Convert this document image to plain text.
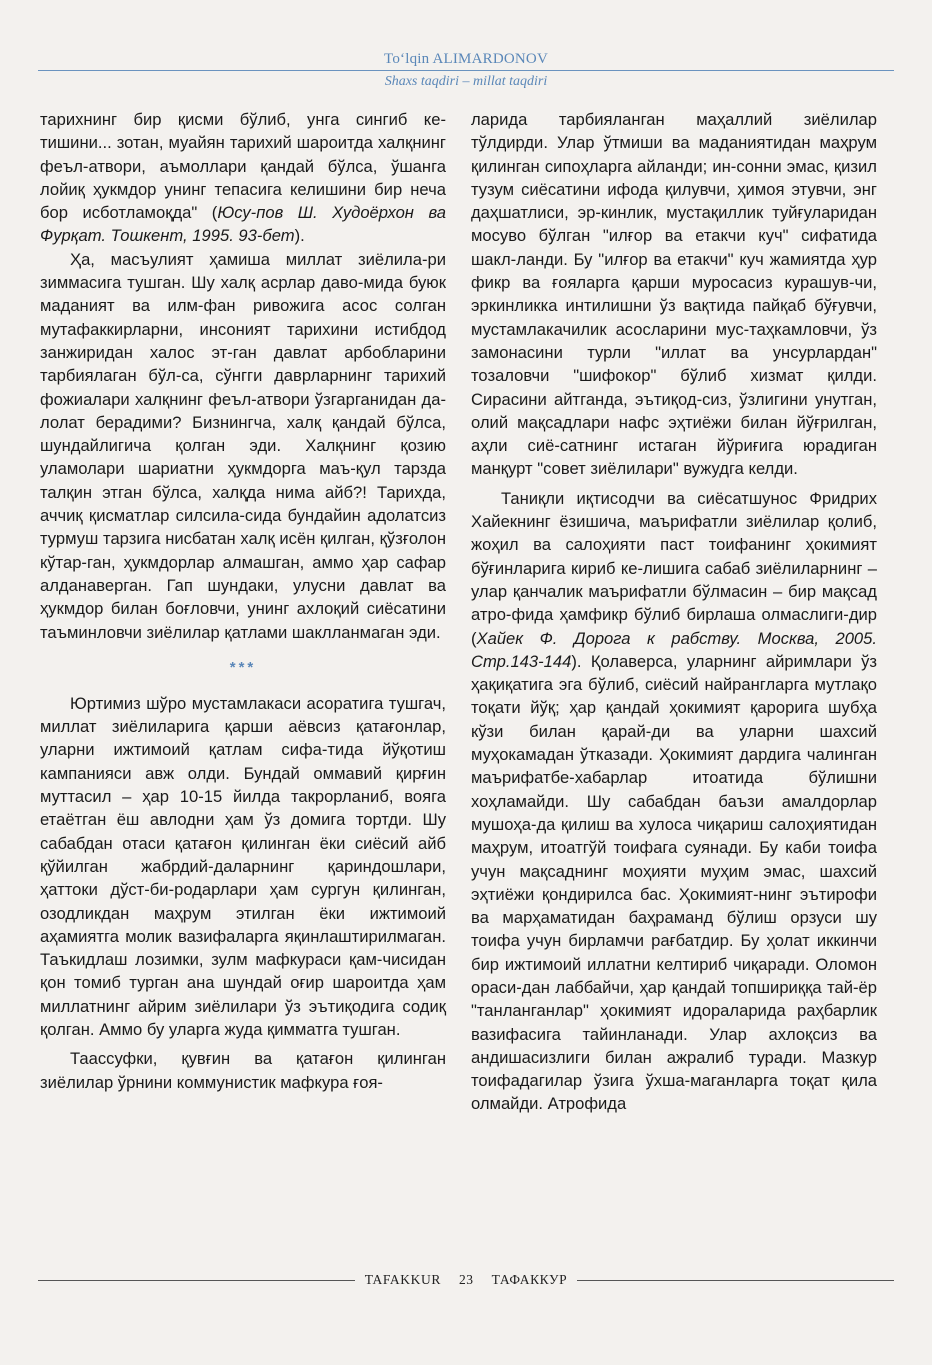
To‘lqin ALIMARDONOV
Shaxs taqdiri – millat taqdiri

тарихнинг бир қисми бўлиб, унга сингиб ке-тишини... зотан, муайян тарихий шароитда халқнинг феъл-атвори, аъмоллари қандай бўлса, ўшанга лойиқ ҳукмдор унинг тепасига келишини бир неча бор исботламоқда" (Юсу-пов Ш. Худоёрхон ва Фурқат. Тошкент, 1995. 93-бет).

Ҳа, масъулият ҳамиша миллат зиёлила-ри зиммасига тушган. Шу халқ асрлар даво-мида буюк маданият ва илм-фан ривожига асос солган мутафаккирларни, инсоният тарихини истибдод занжиридан халос эт-ган давлат арбобларини тарбиялаган бўл-са, сўнгги даврларнинг тарихий фожиалари халқнинг феъл-атвори ўзгарганидан да-лолат берадими? Бизнингча, халқ қандай бўлса, шундайлигича қолган эди. Халқнинг қозию уламолари шариатни ҳукмдорга маъ-қул тарзда талқин этган бўлса, халқда нима айб?! Тарихда, аччиқ қисматлар силсила-сида бундайин адолатсиз турмуш тарзига нисбатан халқ исён қилган, қўзғолон кўтар-ган, ҳукмдорлар алмашган, аммо ҳар сафар алданаверган. Гап шундаки, улусни давлат ва ҳукмдор билан боғловчи, унинг ахлоқий сиёсатини таъминловчи зиёлилар қатлами шаклланмаган эди.

***

Юртимиз шўро мустамлакаси асоратига тушгач, миллат зиёлиларига қарши аёвсиз қатағонлар, уларни ижтимоий қатлам сифа-тида йўқотиш кампанияси авж олди. Бундай оммавий қирғин муттасил – ҳар 10-15 йилда такрорланиб, вояга етаётган ёш авлодни ҳам ўз домига тортди. Шу сабабдан отаси қатағон қилинган ёки сиёсий айб қўйилган жабрдий-даларнинг қариндошлари, ҳаттоки дўст-би-родарлари ҳам сургун қилинган, озодликдан маҳрум этилган ёки ижтимоий аҳамиятга молик вазифаларга яқинлаштирилмаган. Таъкидлаш лозимки, зулм мафкураси қам-чисидан қон томиб турган ана шундай оғир шароитда ҳам миллатнинг айрим зиёлилари ўз эътиқодига содиқ қолган. Аммо бу уларга жуда қимматга тушган.

Таассуфки, қувғин ва қатағон қилинган зиёлилар ўрнини коммунистик мафкура ғоя-

ларида тарбияланган маҳаллий зиёлилар тўлдирди. Улар ўтмиши ва маданиятидан маҳрум қилинган сипоҳларга айланди; ин-сонни эмас, қизил тузум сиёсатини ифода қилувчи, ҳимоя этувчи, энг даҳшатлиси, эр-кинлик, мустақиллик туйғуларидан мосуво бўлган "илғор ва етакчи куч" сифатида шакл-ланди. Бу "илғор ва етакчи" куч жамиятда ҳур фикр ва ғояларга қарши муросасиз курашув-чи, эркинликка интилишни ўз вақтида пайқаб бўғувчи, мустамлакачилик асосларини мус-таҳкамловчи, ўз замонасини турли "иллат ва унсурлардан" тозаловчи "шифокор" бўлиб хизмат қилди. Сирасини айтганда, эътиқод-сиз, ўзлигини унутган, олий мақсадлари нафс эҳтиёжи билан йўғрилган, аҳли сиё-сатнинг истаган йўриғига юрадиган манқурт "совет зиёлилари" вужудга келди.

Таниқли иқтисодчи ва сиёсатшунос Фридрих Хайекнинг ёзишича, маърифатли зиёлилар қолиб, жоҳил ва салоҳияти паст тоифанинг ҳокимият бўғинларига кириб ке-лишига сабаб зиёлиларнинг – улар қанчалик маърифатли бўлмасин – бир мақсад атро-фида ҳамфикр бўлиб бирлаша олмаслиги-дир (Хайек Ф. Дорога к рабству. Москва, 2005. Стр.143-144). Қолаверса, уларнинг айримлари ўз ҳақиқатига эга бўлиб, сиёсий найрангларга мутлақо тоқати йўқ; ҳар қандай ҳокимият қарорига шубҳа кўзи билан қарай-ди ва уларни шахсий муҳокамадан ўтказади. Ҳокимият дардига чалинган маърифатбе-хабарлар итоатида бўлишни хоҳламайди. Шу сабабдан баъзи амалдорлар мушоҳа-да қилиш ва хулоса чиқариш салоҳиятидан маҳрум, итоатгўй тоифага суянади. Бу каби тоифа учун мақсаднинг моҳияти муҳим эмас, шахсий эҳтиёжи қондирилса бас. Ҳокимият-нинг эътирофи ва марҳаматидан баҳраманд бўлиш орзуси шу тоифа учун бирламчи рағбатдир. Бу ҳолат иккинчи бир ижтимоий иллатни келтириб чиқаради. Оломон ораси-дан лаббайчи, ҳар қандай топшириққа тай-ёр "танланганлар" ҳокимият идораларида раҳбарлик вазифасига тайинланади. Улар ахлоқсиз ва андишасизлиги билан ажралиб туради. Мазкур тоифадагилар ўзига ўхша-маганларга тоқат қила олмайди. Атрофида

TAFAKKUR 23 ТАФАККУР
